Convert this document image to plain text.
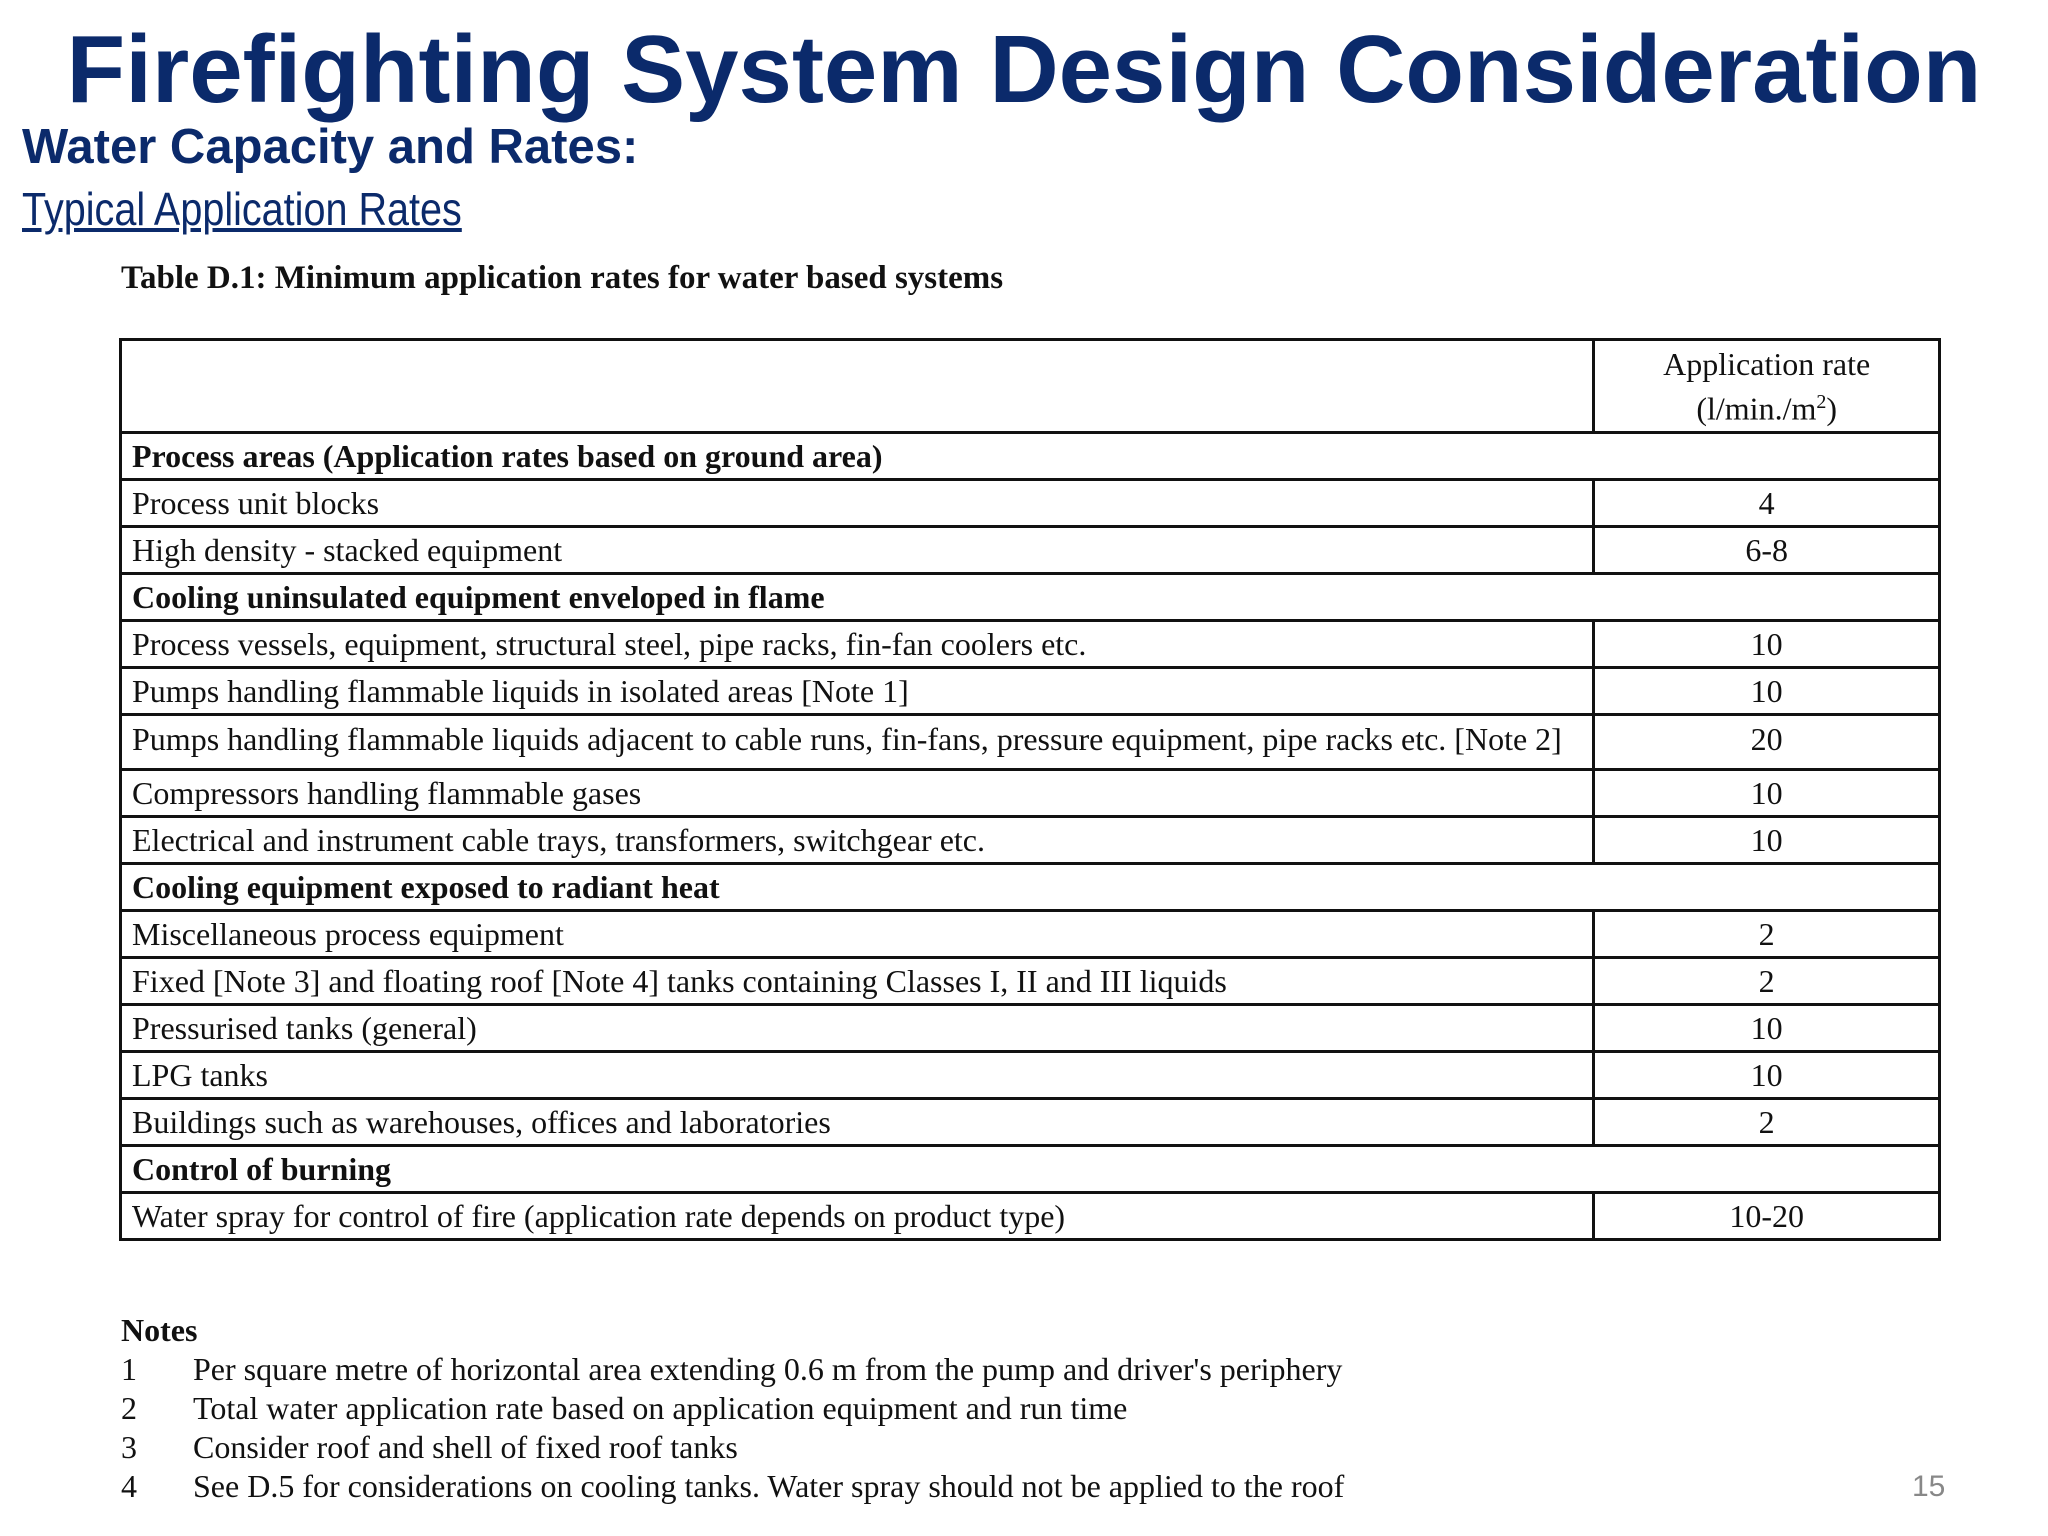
Firefighting System Design Consideration
Water Capacity and Rates:
Typical Application Rates
Table D.1: Minimum application rates for water based systems

	Application rate
$(l/\min./m^2)$

Process areas (Application rates based on ground area)	
Process unit blocks	4
High density - stacked equipment	6-8
Cooling uninsulated equipment enveloped in flame	
Process vessels, equipment, structural steel, pipe racks, fin-fan coolers etc.	10
Pumps handling flammable liquids in isolated areas [Note 1]	10
Pumps handling flammable liquids adjacent to cable runs, fin-fans, pressure equipment, pipe racks etc. [Note 2]	20
Compressors handling flammable gases	10
Electrical and instrument cable trays, transformers, switchgear etc.	10
Cooling equipment exposed to radiant heat	
Miscellaneous process equipment	2
Fixed [Note 3] and floating roof [Note 4] tanks containing Classes I, II and III liquids	2
Pressurised tanks (general)	10
LPG tanks	10
Buildings such as warehouses, offices and laboratories	2
Control of burning	
Water spray for control of fire (application rate depends on product type)	10-20
Notes
1	Per square metre of horizontal area extending 0.6 m from the pump and driver's periphery
2	Total water application rate based on application equipment and run time
3	Consider roof and shell of fixed roof tanks
4	See D.5 for considerations on cooling tanks. Water spray should not be applied to the roof	15
